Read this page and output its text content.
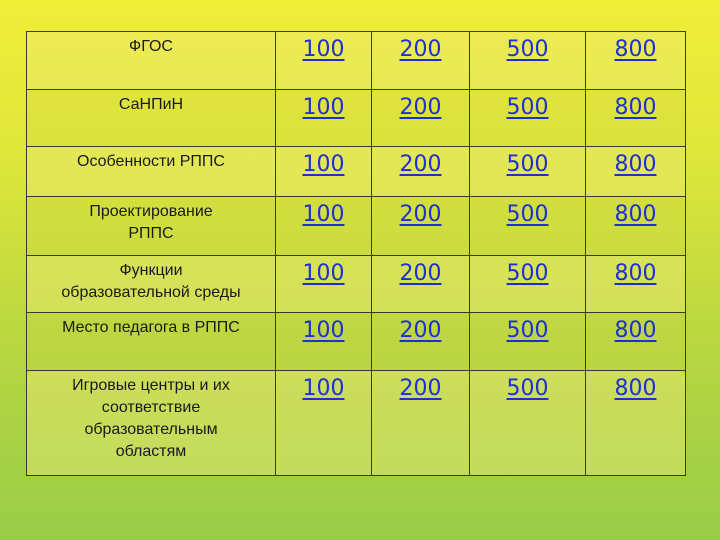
ФГОС	100	200	500	800
СаНПиН	100	200	500	800
Особенности РППС	100	200	500	800

Проектирование
РППС	100	200	500	800

Функции
образовательной среды	100	200	500	800
Место педагога в РППС	100	200	500	800

Игровые центры и их
соответствие
образовательным
областям	100	200	500	800
